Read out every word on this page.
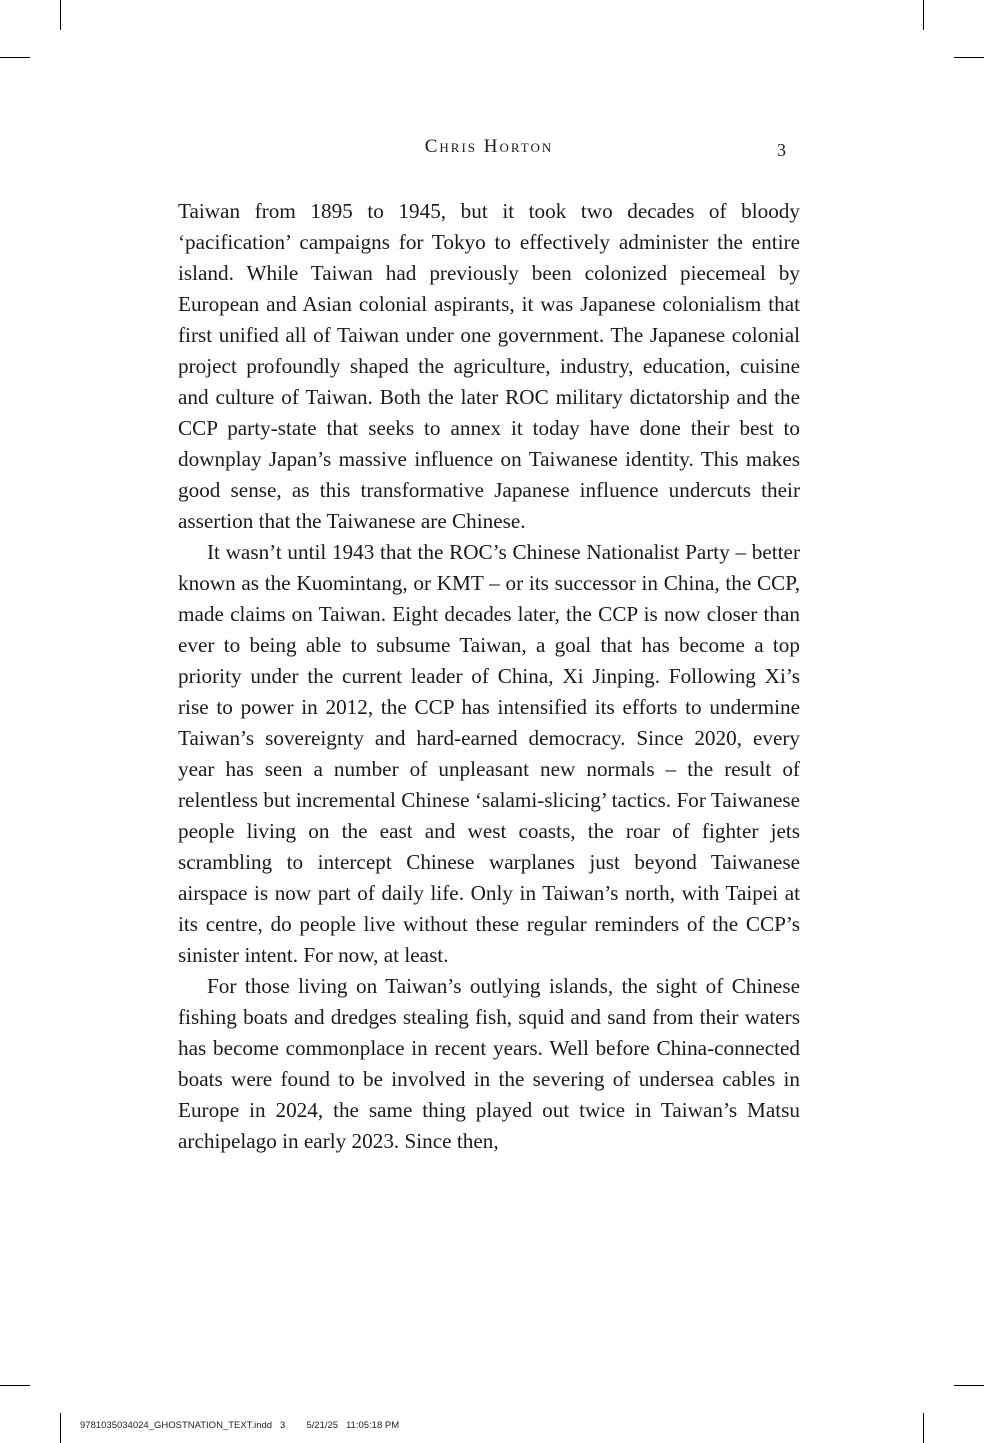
Chris Horton	3

Taiwan from 1895 to 1945, but it took two decades of bloody ‘pacification’ campaigns for Tokyo to effectively administer the entire island. While Taiwan had previously been colonized piecemeal by European and Asian colonial aspirants, it was Japanese colonialism that first unified all of Taiwan under one government. The Japanese colonial project profoundly shaped the agriculture, industry, education, cuisine and culture of Taiwan. Both the later ROC military dictatorship and the CCP party-state that seeks to annex it today have done their best to downplay Japan’s massive influence on Taiwanese identity. This makes good sense, as this transformative Japanese influence undercuts their assertion that the Taiwanese are Chinese.

It wasn’t until 1943 that the ROC’s Chinese Nationalist Party – better known as the Kuomintang, or KMT – or its successor in China, the CCP, made claims on Taiwan. Eight decades later, the CCP is now closer than ever to being able to subsume Taiwan, a goal that has become a top priority under the current leader of China, Xi Jinping. Following Xi’s rise to power in 2012, the CCP has intensified its efforts to undermine Taiwan’s sovereignty and hard-earned democracy. Since 2020, every year has seen a number of unpleasant new normals – the result of relentless but incremental Chinese ‘salami-slicing’ tactics. For Taiwanese people living on the east and west coasts, the roar of fighter jets scrambling to intercept Chinese warplanes just beyond Taiwanese airspace is now part of daily life. Only in Taiwan’s north, with Taipei at its centre, do people live without these regular reminders of the CCP’s sinister intent. For now, at least.

For those living on Taiwan’s outlying islands, the sight of Chinese fishing boats and dredges stealing fish, squid and sand from their waters has become commonplace in recent years. Well before China-connected boats were found to be involved in the severing of undersea cables in Europe in 2024, the same thing played out twice in Taiwan’s Matsu archipelago in early 2023. Since then,

9781035034024_GHOSTNATION_TEXT.indd   3        5/21/25   11:05:18 PM
